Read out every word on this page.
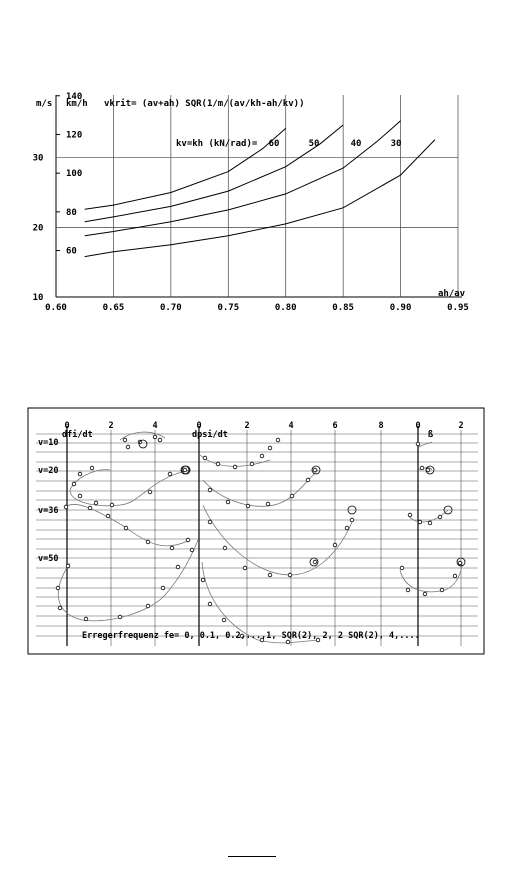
0.60	0.65	0.70	0.75	0.80	0.85	0.90	0.95
10
20
30
60
80
100
120
140
m/s km/h vkrit= (av+ah) SQR(1/m/(av/kh-ah/kv))
ah/av
kv=kh (kN/rad)= 60	50	40	30
0	2	4	0	2	4	6	8	0	2
dfi/dt	dpsi/dt	ß
v=10
v=20
v=36
v=50
Erregerfrequenz fe= 0, 0.1, 0.2,...,1, SQR(2), 2, 2 SQR(2), 4,....
